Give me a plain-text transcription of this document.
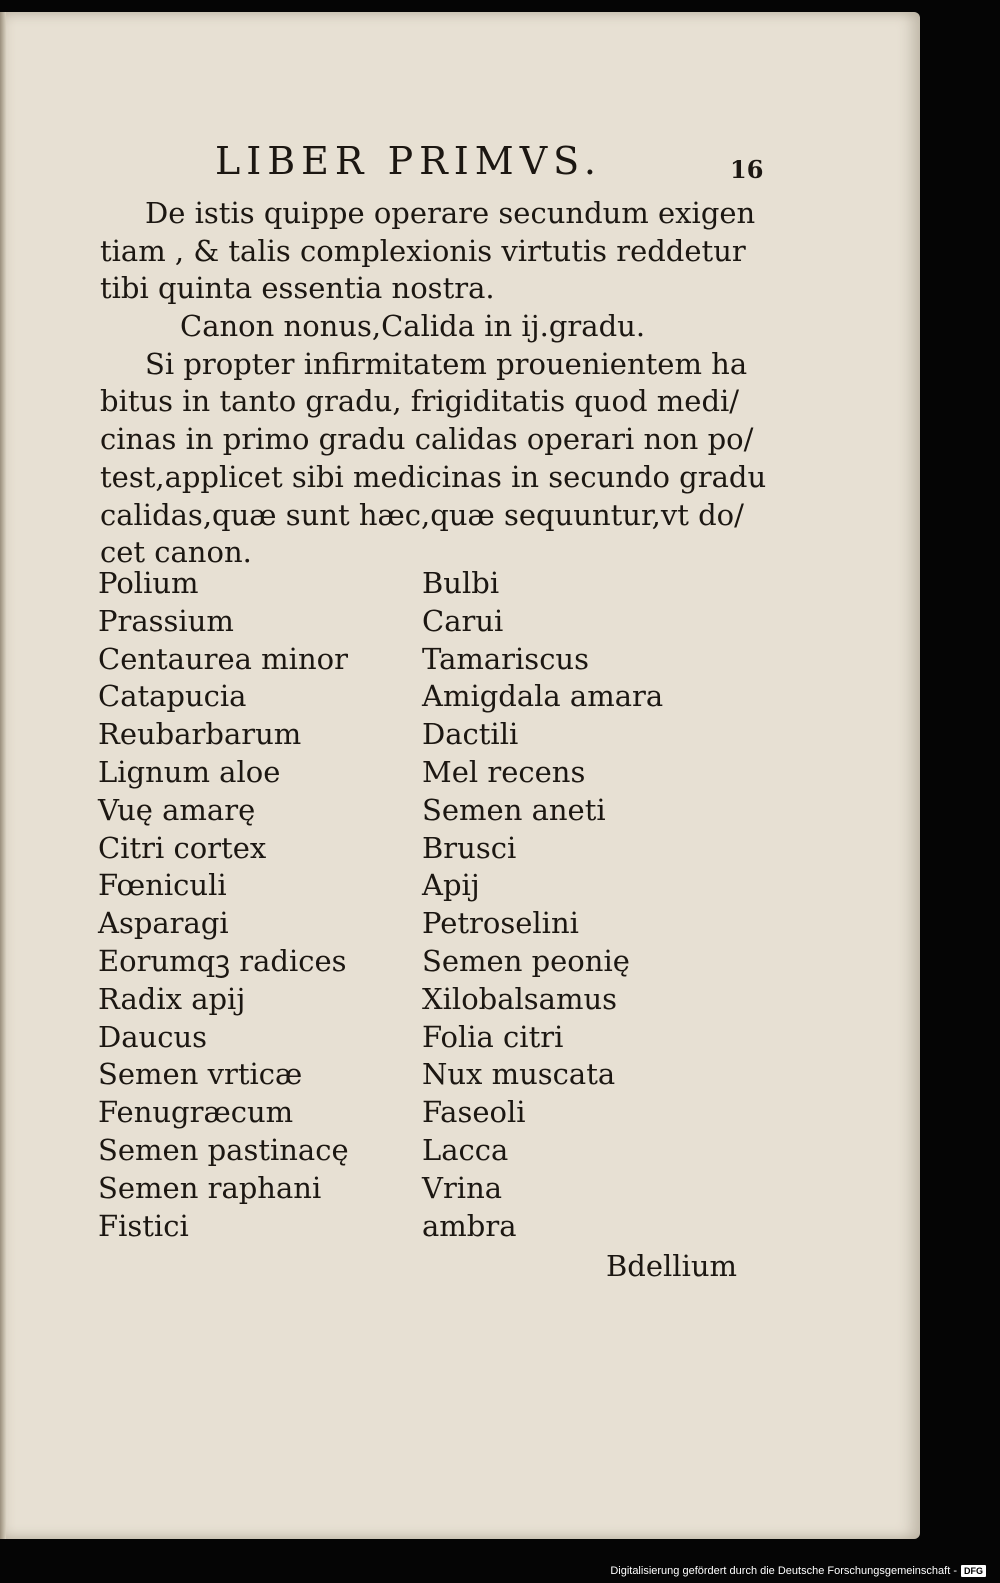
LIBER PRIMVS.	16
De istis quippe operare secundum exigen
tiam , & talis complexionis virtutis reddetur
tibi quinta essentia nostra.
Canon nonus,Calida in ij.gradu.
Si propter infirmitatem prouenientem ha
bitus in tanto gradu, frigiditatis quod medi/
cinas in primo gradu calidas operari non po/
test,applicet sibi medicinas in secundo gradu
calidas,quæ sunt hæc,quæ sequuntur,vt do/
cet canon.
Polium
Prassium
Centaurea minor
Catapucia
Reubarbarum
Lignum aloe
Vuę amarę
Citri cortex
Fœniculi
Asparagi
Eorumqꝫ radices
Radix apij
Daucus
Semen vrticæ
Fenugræcum
Semen pastinacę
Semen raphani
Fistici
Bulbi
Carui
Tamariscus
Amigdala amara
Dactili
Mel recens
Semen aneti
Brusci
Apij
Petroselini
Semen peonię
Xilobalsamus
Folia citri
Nux muscata
Faseoli
Lacca
Vrina
ambra
Bdellium
Digitalisierung gefördert durch die Deutsche Forschungsgemeinschaft - DFG
